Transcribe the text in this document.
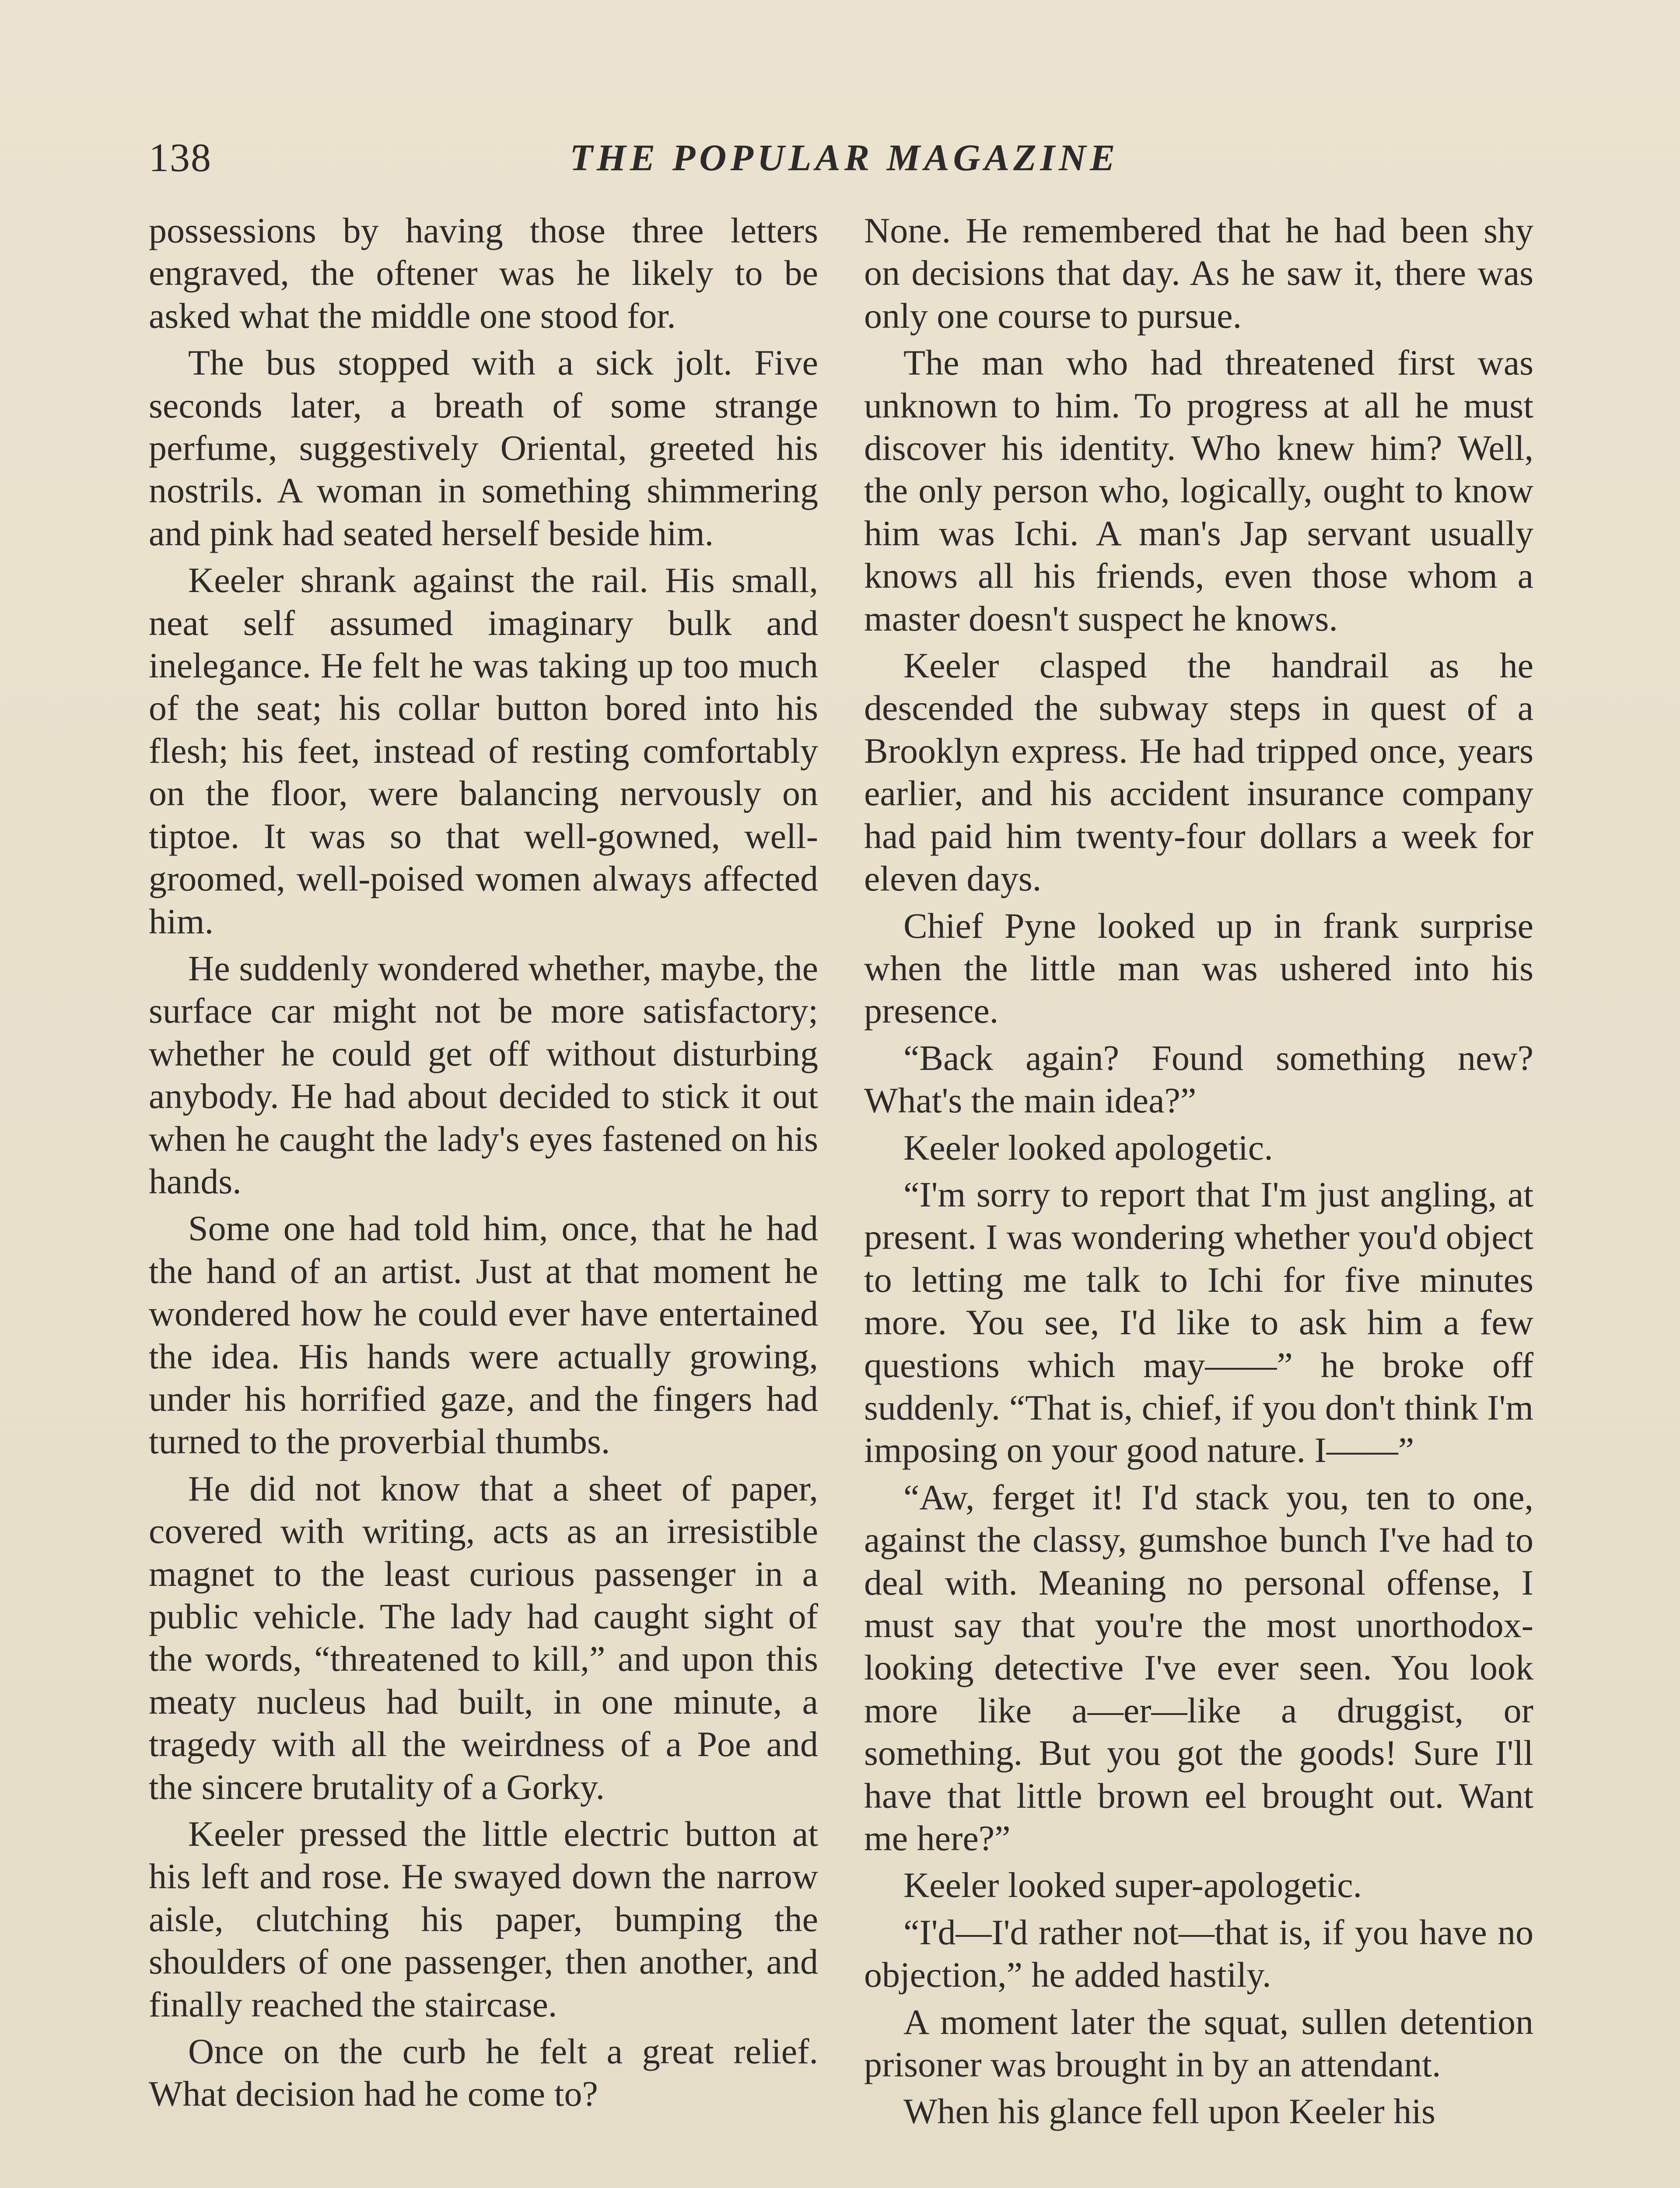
138	THE POPULAR MAGAZINE

possessions by having those three letters engraved, the oftener was he likely to be asked what the middle one stood for.

The bus stopped with a sick jolt. Five seconds later, a breath of some strange perfume, suggestively Oriental, greeted his nostrils. A woman in something shimmering and pink had seated herself beside him.

Keeler shrank against the rail. His small, neat self assumed imaginary bulk and inelegance. He felt he was taking up too much of the seat; his collar button bored into his flesh; his feet, instead of resting comfortably on the floor, were balancing nervously on tiptoe. It was so that well-gowned, well-groomed, well-poised women always affected him.

He suddenly wondered whether, maybe, the surface car might not be more satisfactory; whether he could get off without disturbing anybody. He had about decided to stick it out when he caught the lady's eyes fastened on his hands.

Some one had told him, once, that he had the hand of an artist. Just at that moment he wondered how he could ever have entertained the idea. His hands were actually growing, under his horrified gaze, and the fingers had turned to the proverbial thumbs.

He did not know that a sheet of paper, covered with writing, acts as an irresistible magnet to the least curious passenger in a public vehicle. The lady had caught sight of the words, “threatened to kill,” and upon this meaty nucleus had built, in one minute, a tragedy with all the weirdness of a Poe and the sincere brutality of a Gorky.

Keeler pressed the little electric button at his left and rose. He swayed down the narrow aisle, clutching his paper, bumping the shoulders of one passenger, then another, and finally reached the staircase.

Once on the curb he felt a great relief. What decision had he come to?

None. He remembered that he had been shy on decisions that day. As he saw it, there was only one course to pursue.

The man who had threatened first was unknown to him. To progress at all he must discover his identity. Who knew him? Well, the only person who, logically, ought to know him was Ichi. A man's Jap servant usually knows all his friends, even those whom a master doesn't suspect he knows.

Keeler clasped the handrail as he descended the subway steps in quest of a Brooklyn express. He had tripped once, years earlier, and his accident insurance company had paid him twenty-four dollars a week for eleven days.

Chief Pyne looked up in frank surprise when the little man was ushered into his presence.

“Back again? Found something new? What's the main idea?”

Keeler looked apologetic.

“I'm sorry to report that I'm just angling, at present. I was wondering whether you'd object to letting me talk to Ichi for five minutes more. You see, I'd like to ask him a few questions which may——” he broke off suddenly. “That is, chief, if you don't think I'm imposing on your good nature. I——”

“Aw, ferget it! I'd stack you, ten to one, against the classy, gumshoe bunch I've had to deal with. Meaning no personal offense, I must say that you're the most unorthodox-looking detective I've ever seen. You look more like a—er—like a druggist, or something. But you got the goods! Sure I'll have that little brown eel brought out. Want me here?”

Keeler looked super-apologetic.

“I'd—I'd rather not—that is, if you have no objection,” he added hastily.

A moment later the squat, sullen detention prisoner was brought in by an attendant.

When his glance fell upon Keeler his
